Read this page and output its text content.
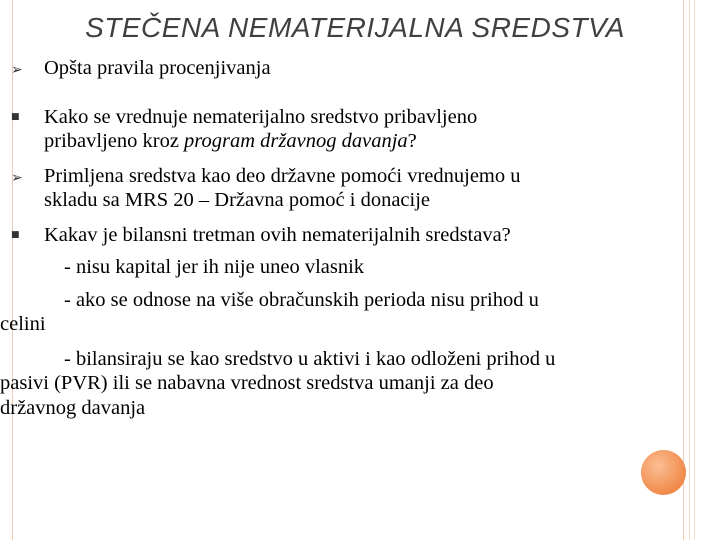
STEČENA NEMATERIJALNA SREDSTVA

➢ Opšta pravila procenjivanja

■ Kako se vrednuje nematerijalno sredstvo pribavljeno
pribavljeno kroz program državnog davanja?

➢ Primljena sredstva kao deo državne pomoći vrednujemo u
skladu sa MRS 20 – Državna pomoć i donacije

■ Kakav je bilansni tretman ovih nematerijalnih sredstava?

- nisu kapital jer ih nije uneo vlasnik

- ako se odnose na više obračunskih perioda nisu prihod u
celini

- bilansiraju se kao sredstvo u aktivi i kao odloženi prihod u
pasivi (PVR) ili se nabavna vrednost sredstva umanji za deo
državnog davanja
